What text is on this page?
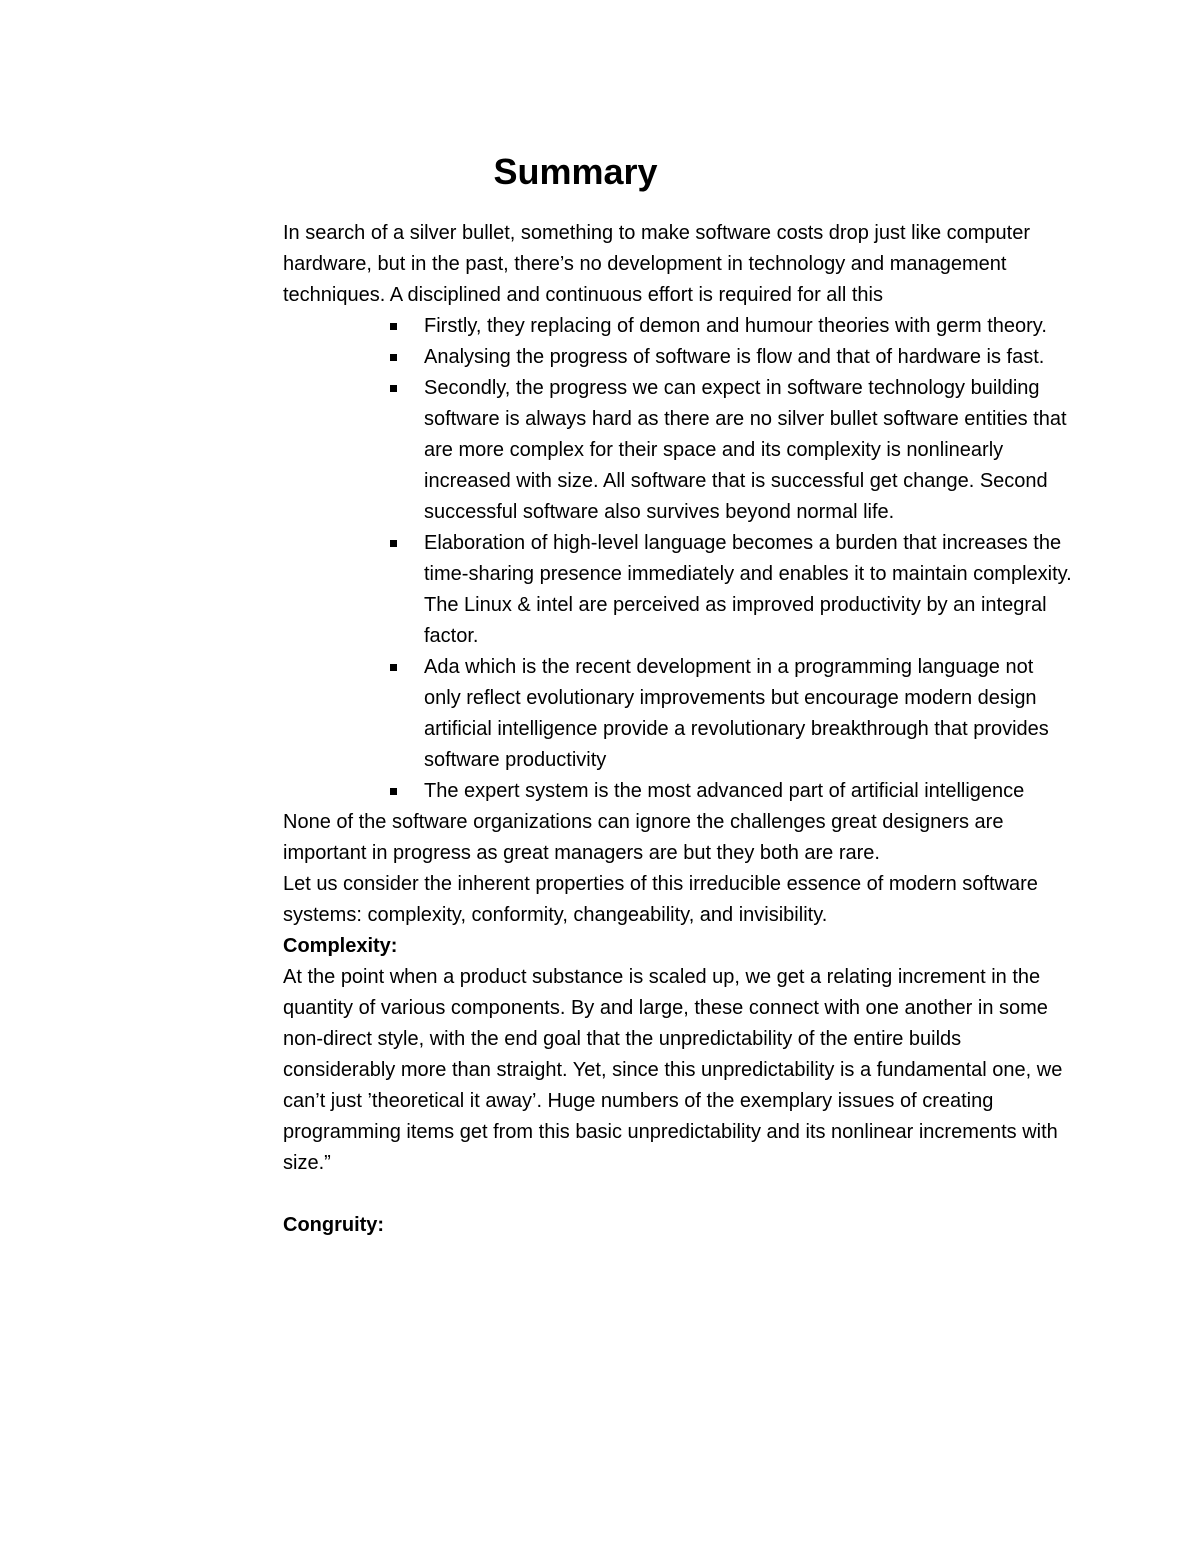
Summary

In search of a silver bullet, something to make software costs drop just like computer hardware, but in the past, there’s no development in technology and management techniques. A disciplined and continuous effort is required for all this

Firstly, they replacing of demon and humour theories with germ theory.
Analysing the progress of software is flow and that of hardware is fast.
Secondly, the progress we can expect in software technology building software is always hard as there are no silver bullet software entities that are more complex for their space and its complexity is nonlinearly increased with size. All software that is successful get change. Second successful software also survives beyond normal life.
Elaboration of high-level language becomes a burden that increases the time-sharing presence immediately and enables it to maintain complexity. The Linux & intel are perceived as improved productivity by an integral factor.
Ada which is the recent development in a programming language not only reflect evolutionary improvements but encourage modern design artificial intelligence provide a revolutionary breakthrough that provides software productivity
The expert system is the most advanced part of artificial intelligence

None of the software organizations can ignore the challenges great designers are important in progress as great managers are but they both are rare.

Let us consider the inherent properties of this irreducible essence of modern software systems: complexity, conformity, changeability, and invisibility.

Complexity:

At the point when a product substance is scaled up, we get a relating increment in the quantity of various components. By and large, these connect with one another in some non-direct style, with the end goal that the unpredictability of the entire builds considerably more than straight. Yet, since this unpredictability is a fundamental one, we can’t just ’theoretical it away’. Huge numbers of the exemplary issues of creating programming items get from this basic unpredictability and its nonlinear increments with size.”

Congruity:
